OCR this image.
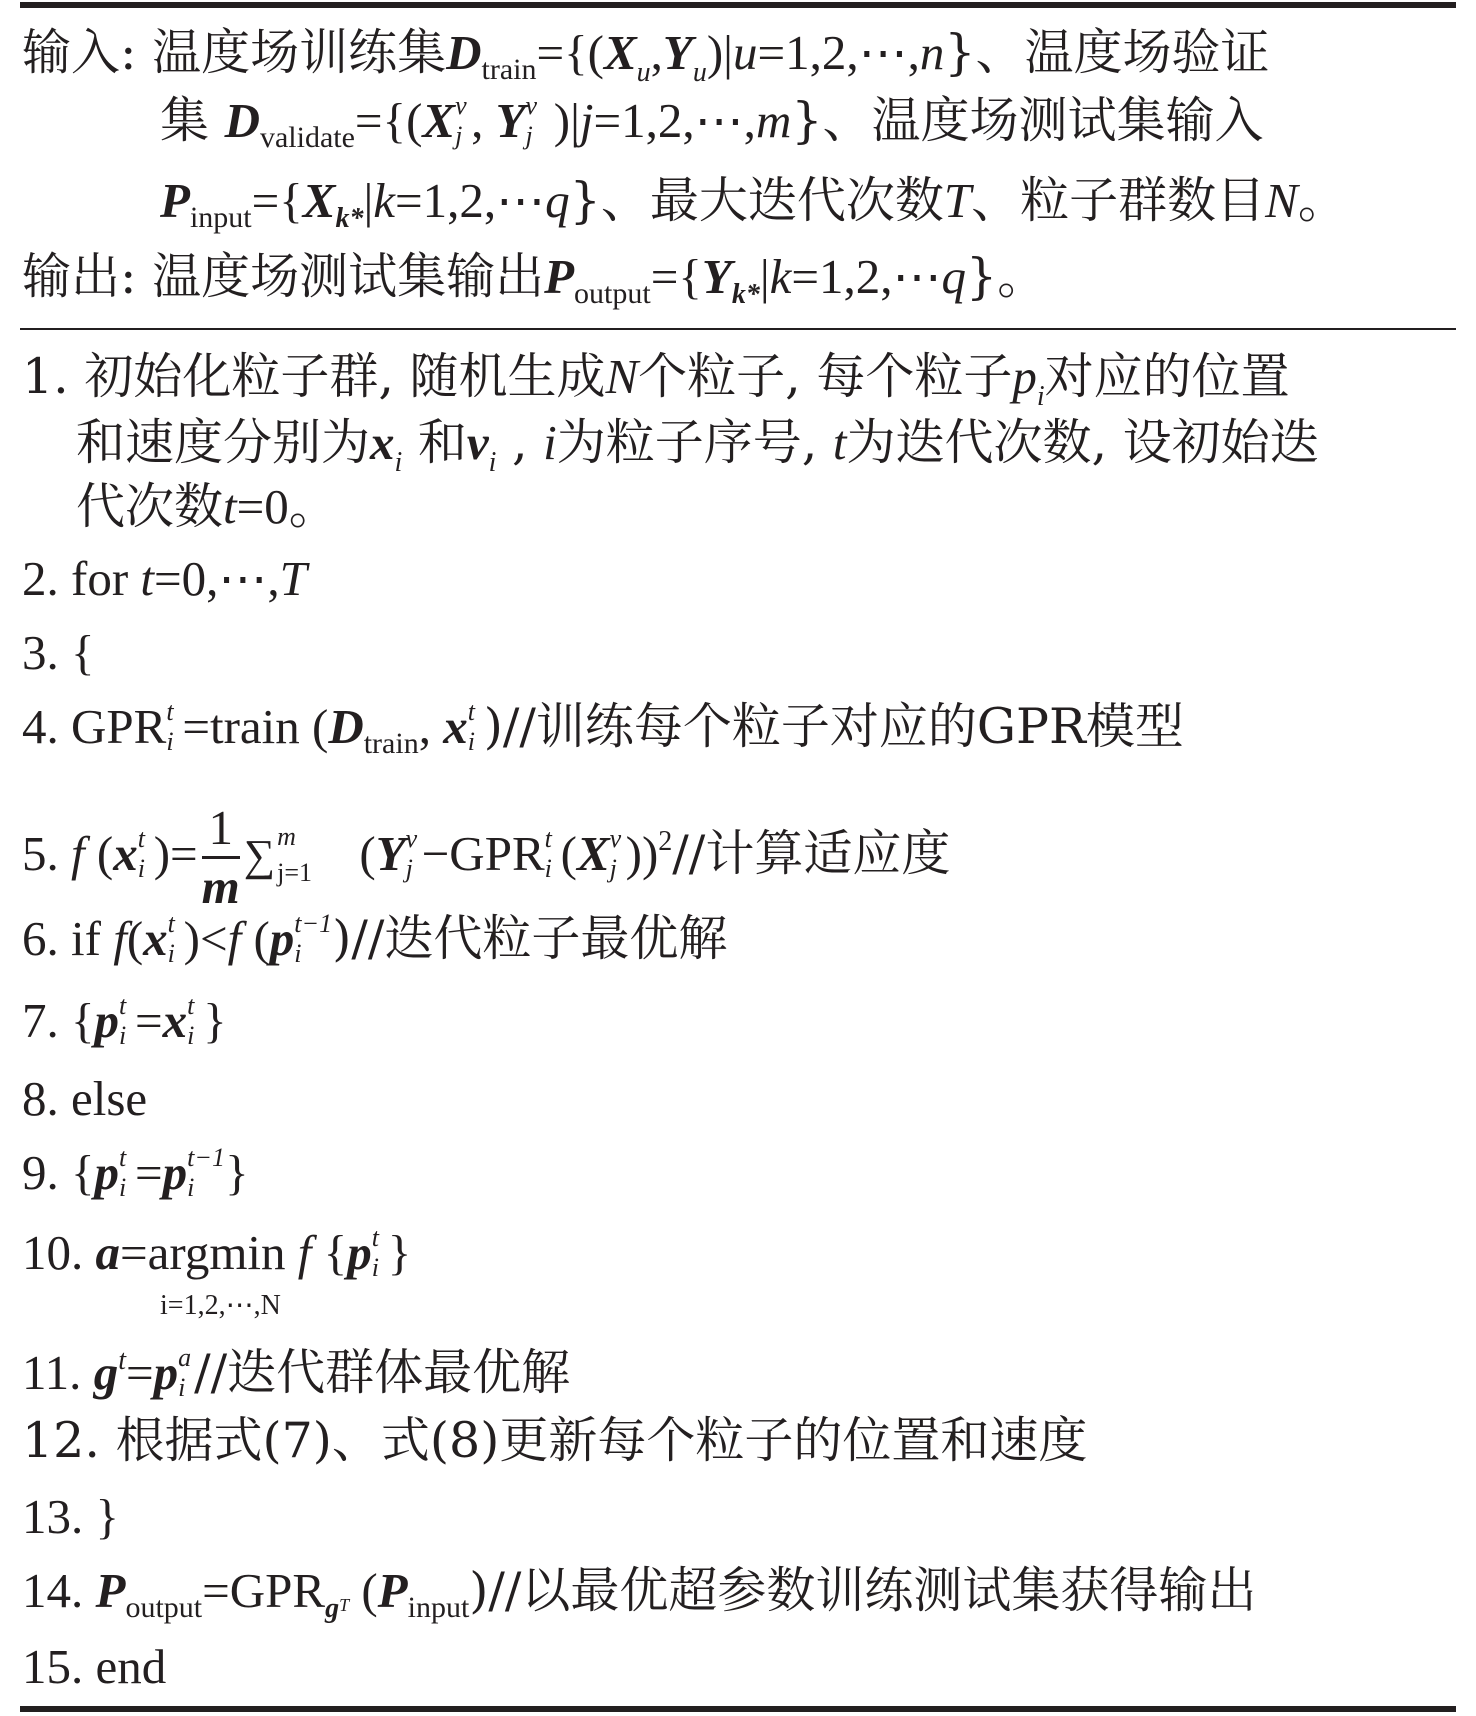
输入: 温度场训练集$D_{train}=\{(X_u,Y_u)|u=1,2,\cdots,n\}$、温度场验证
集 $D_{validate}=\{(X$ j
v , Y j
v )|j=1,2,⋯,m}、温度场测试集输入
$P_{input}=\{X_{k*}|k=1,2,\cdots q\}$、最大迭代次数T、粒子群数目N。
输出: 温度场测试集输出$P_{output}=\{Y_{k*}|k=1,2,\cdots q\}$。
1. 初始化粒子群, 随机生成N个粒子, 每个粒子$p_i$对应的位置
和速度分别为$x_i$ 和$v_i$ , i为粒子序号, t为迭代次数, 设初始迭
代次数t=0。
2. for t=0,⋯,T
3. {
4. GPR t
i =train ($D_{train}$, x t
i )//训练每个粒子对应的GPR模型
5. f (x t
i )= $\frac{1}{m}$ ∑ m
j=1 (Y v
j −GPR t
i (X v
j ))$^2$//计算适应度
6. if f(x t
i )<f (p t−1
i )//迭代粒子最优解
7. {p t
i =x t
i }
8. else
9. {p t
i =p t−1
i }
10. a=argmin f {p t
i }
i=1,2,⋯,N
11. $g^t=p$ a
i //迭代群体最优解
12. 根据式(7)、式(8)更新每个粒子的位置和速度
13. }
14. $P_{output}=GPR_{gT}$ $(P_{input})//$以最优超参数训练测试集获得输出
15. end
